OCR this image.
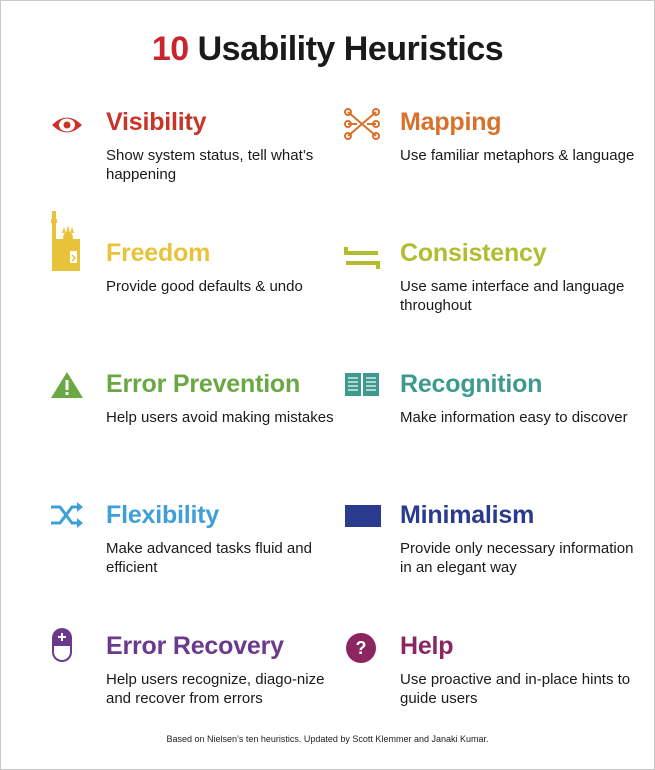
10 Usability Heuristics
Visibility
Show system status, tell what’s happening
Mapping
Use familiar metaphors & language
Freedom
Provide good defaults & undo
Consistency
Use same interface and language throughout
Error Prevention
Help users avoid making mistakes
Recognition
Make information easy to discover
Flexibility
Make advanced tasks fluid and efficient
Minimalism
Provide only necessary information in an elegant way
Error Recovery
Help users recognize, diago-nize and recover from errors
? Help
Use proactive and in-place hints to guide users
Based on Nielsen’s ten heuristics. Updated by Scott Klemmer and Janaki Kumar.
